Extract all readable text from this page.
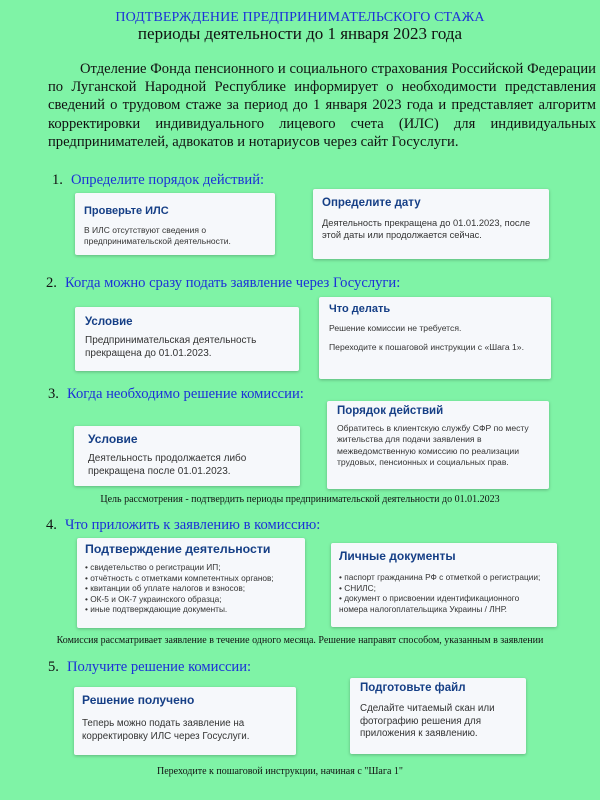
ПОДТВЕРЖДЕНИЕ ПРЕДПРИНИМАТЕЛЬСКОГО СТАЖА
периоды деятельности до 1 января 2023 года
Отделение Фонда пенсионного и социального страхования Российской Федерации по Луганской Народной Республике информирует о необходимости представления сведений о трудовом стаже за период до 1 января 2023 года и представляет алгоритм корректировки индивидуального лицевого счета (ИЛС) для индивидуальных предпринимателей, адвокатов и нотариусов через сайт Госуслуги.
1. Определите порядок действий:
Проверьте ИЛС
В ИЛС отсутствуют сведения о предпринимательской деятельности.
Определите дату
Деятельность прекращена до 01.01.2023, после этой даты или продолжается сейчас.
2. Когда можно сразу подать заявление через Госуслуги:
Условие
Предпринимательская деятельность прекращена до 01.01.2023.
Что делать
Решение комиссии не требуется.
Переходите к пошаговой инструкции с «Шага 1».
3. Когда необходимо решение комиссии:
Условие
Деятельность продолжается либо прекращена после 01.01.2023.
Порядок действий
Обратитесь в клиентскую службу СФР по месту жительства для подачи заявления в межведомственную комиссию по реализации трудовых, пенсионных и социальных прав.
Цель рассмотрения - подтвердить периоды предпринимательской деятельности до 01.01.2023
4. Что приложить к заявлению в комиссию:
Подтверждение деятельности
• свидетельство о регистрации ИП;
• отчётность с отметками компетентных органов;
• квитанции об уплате налогов и взносов;
• ОК-5 и ОК-7 украинского образца;
• иные подтверждающие документы.
Личные документы
• паспорт гражданина РФ с отметкой о регистрации;
• СНИЛС;
• документ о присвоении идентификационного номера налогоплательщика Украины / ЛНР.
Комиссия рассматривает заявление в течение одного месяца. Решение направят способом, указанным в заявлении
5. Получите решение комиссии:
Решение получено
Теперь можно подать заявление на корректировку ИЛС через Госуслуги.
Подготовьте файл
Сделайте читаемый скан или фотографию решения для приложения к заявлению.
Переходите к пошаговой инструкции, начиная с "Шага 1"
